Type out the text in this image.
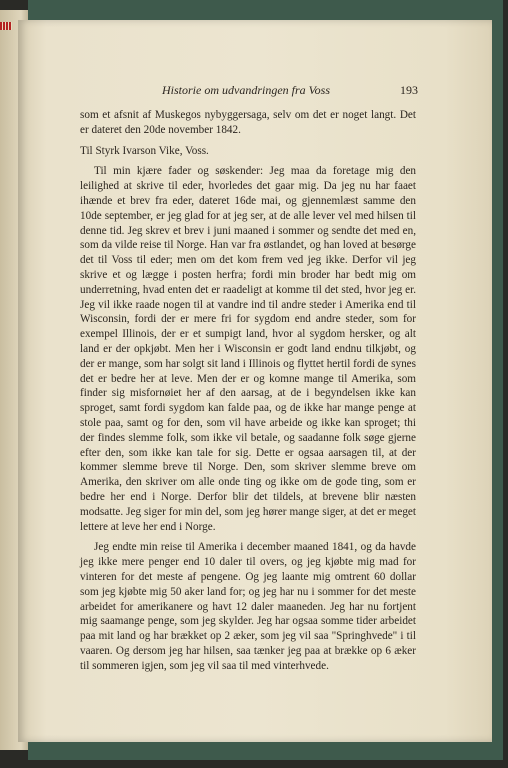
Historie om udvandringen fra Voss	193

som et afsnit af Muskegos nybyggersaga, selv om det er noget langt. Det er dateret den 20de november 1842.

Til Styrk Ivarson Vike, Voss.

Til min kjære fader og søskender: Jeg maa da foretage mig den leilighed at skrive til eder, hvorledes det gaar mig. Da jeg nu har faaet ihænde et brev fra eder, dateret 16de mai, og gjennemlæst samme den 10de september, er jeg glad for at jeg ser, at de alle lever vel med hilsen til denne tid. Jeg skrev et brev i juni maaned i sommer og sendte det med en, som da vilde reise til Norge. Han var fra østlandet, og han loved at besørge det til Voss til eder; men om det kom frem ved jeg ikke. Derfor vil jeg skrive et og lægge i posten herfra; fordi min broder har bedt mig om underretning, hvad enten det er raadeligt at komme til det sted, hvor jeg er. Jeg vil ikke raade nogen til at vandre ind til andre steder i Amerika end til Wisconsin, fordi der er mere fri for sygdom end andre steder, som for exempel Illinois, der er et sumpigt land, hvor al sygdom hersker, og alt land er der opkjøbt. Men her i Wisconsin er godt land endnu tilkjøbt, og der er mange, som har solgt sit land i Illinois og flyttet hertil fordi de synes det er bedre her at leve. Men der er og komne mange til Amerika, som finder sig misfornøiet her af den aarsag, at de i begyndelsen ikke kan sproget, samt fordi sygdom kan falde paa, og de ikke har mange penge at stole paa, samt og for den, som vil have arbeide og ikke kan sproget; thi der findes slemme folk, som ikke vil betale, og saadanne folk søge gjerne efter den, som ikke kan tale for sig. Dette er ogsaa aarsagen til, at der kommer slemme breve til Norge. Den, som skriver slemme breve om Amerika, den skriver om alle onde ting og ikke om de gode ting, som er bedre her end i Norge. Derfor blir det tildels, at brevene blir næsten modsatte. Jeg siger for min del, som jeg hører mange siger, at det er meget lettere at leve her end i Norge.

Jeg endte min reise til Amerika i december maaned 1841, og da havde jeg ikke mere penger end 10 daler til overs, og jeg kjøbte mig mad for vinteren for det meste af pengene. Og jeg laante mig omtrent 60 dollar som jeg kjøbte mig 50 aker land for; og jeg har nu i sommer for det meste arbeidet for amerikanere og havt 12 daler maaneden. Jeg har nu fortjent mig saamange penge, som jeg skylder. Jeg har ogsaa somme tider arbeidet paa mit land og har brækket op 2 æker, som jeg vil saa "Springhvede" i til vaaren. Og dersom jeg har hilsen, saa tænker jeg paa at brække op 6 æker til sommeren igjen, som jeg vil saa til med vinterhvede.
